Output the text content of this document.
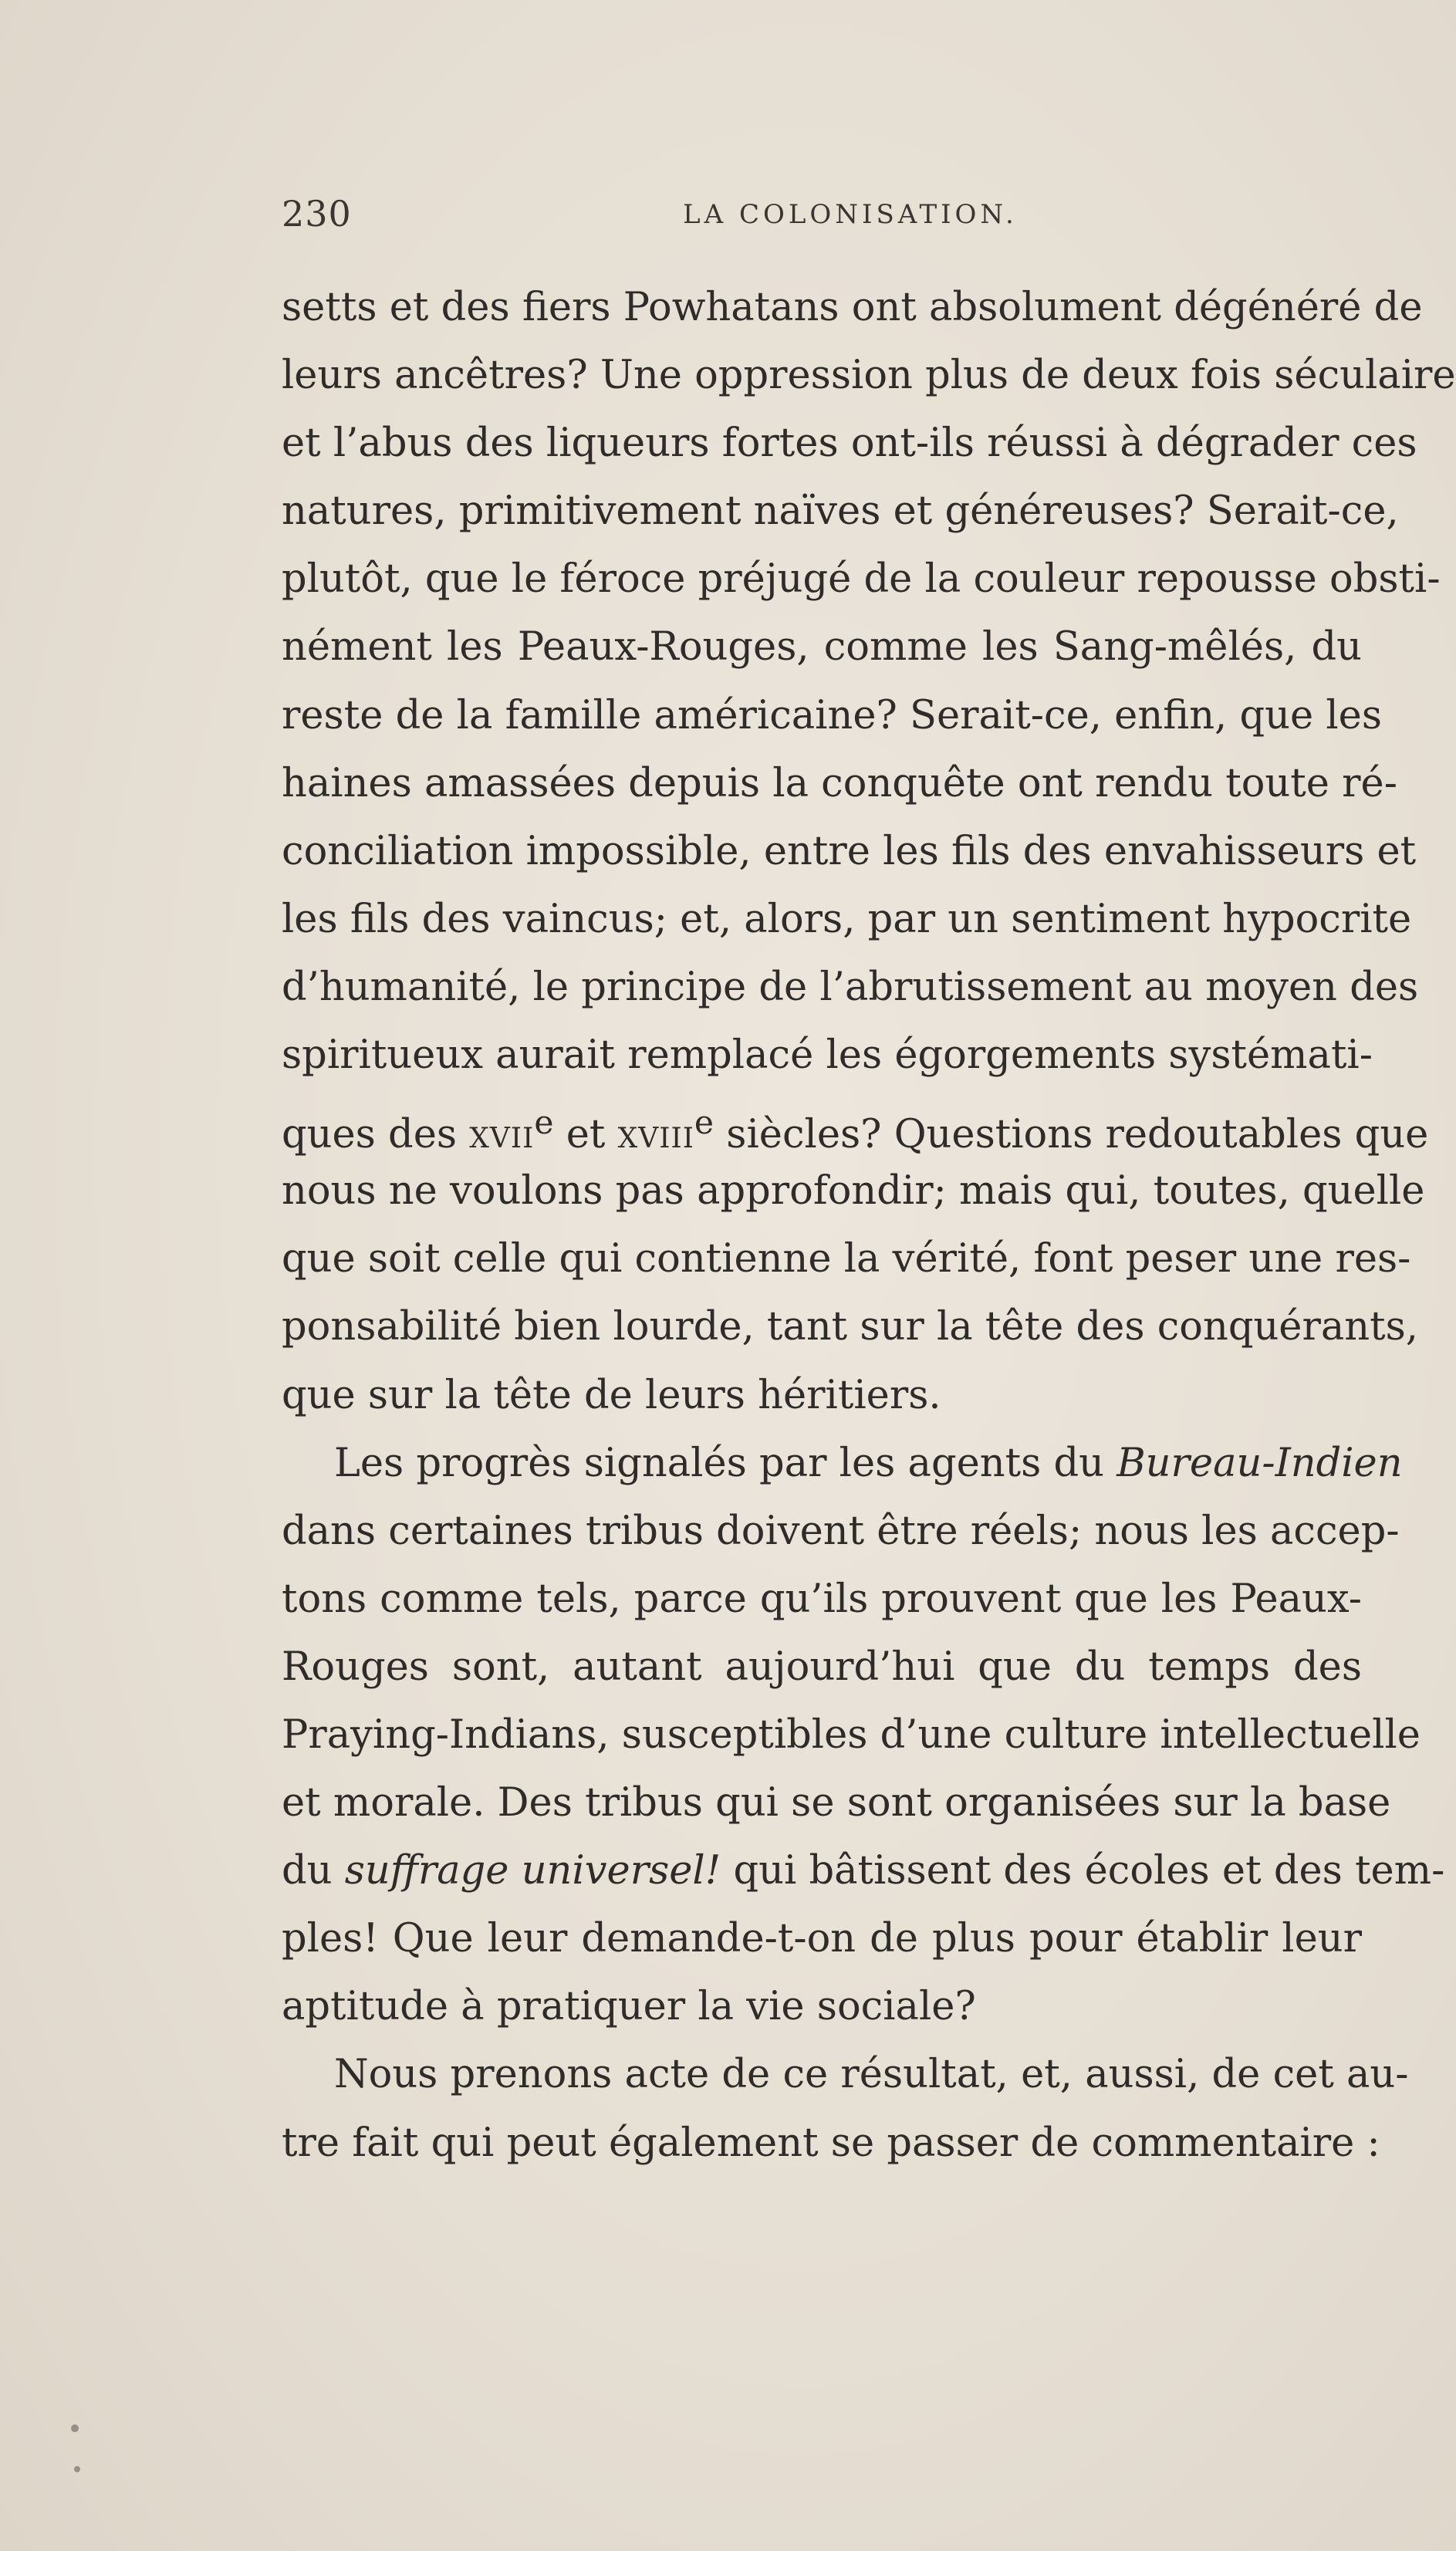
230	LA COLONISATION.
setts et des fiers Powhatans ont absolument dégénéré de
leurs ancêtres? Une oppression plus de deux fois séculaire
et l’abus des liqueurs fortes ont-ils réussi à dégrader ces
natures, primitivement naïves et généreuses? Serait-ce,
plutôt, que le féroce préjugé de la couleur repousse obsti-
nément les Peaux-Rouges, comme les Sang-mêlés, du
reste de la famille américaine? Serait-ce, enfin, que les
haines amassées depuis la conquête ont rendu toute ré-
conciliation impossible, entre les fils des envahisseurs et
les fils des vaincus; et, alors, par un sentiment hypocrite
d’humanité, le principe de l’abrutissement au moyen des
spiritueux aurait remplacé les égorgements systémati-
ques des xvii$^e$ et xviii$^e$ siècles? Questions redoutables que
nous ne voulons pas approfondir; mais qui, toutes, quelle
que soit celle qui contienne la vérité, font peser une res-
ponsabilité bien lourde, tant sur la tête des conquérants,
que sur la tête de leurs héritiers.
Les progrès signalés par les agents du Bureau-Indien
dans certaines tribus doivent être réels; nous les accep-
tons comme tels, parce qu’ils prouvent que les Peaux-
Rouges sont, autant aujourd’hui que du temps des
Praying-Indians, susceptibles d’une culture intellectuelle
et morale. Des tribus qui se sont organisées sur la base
du suffrage universel! qui bâtissent des écoles et des tem-
ples! Que leur demande-t-on de plus pour établir leur
aptitude à pratiquer la vie sociale?
Nous prenons acte de ce résultat, et, aussi, de cet au-
tre fait qui peut également se passer de commentaire :
